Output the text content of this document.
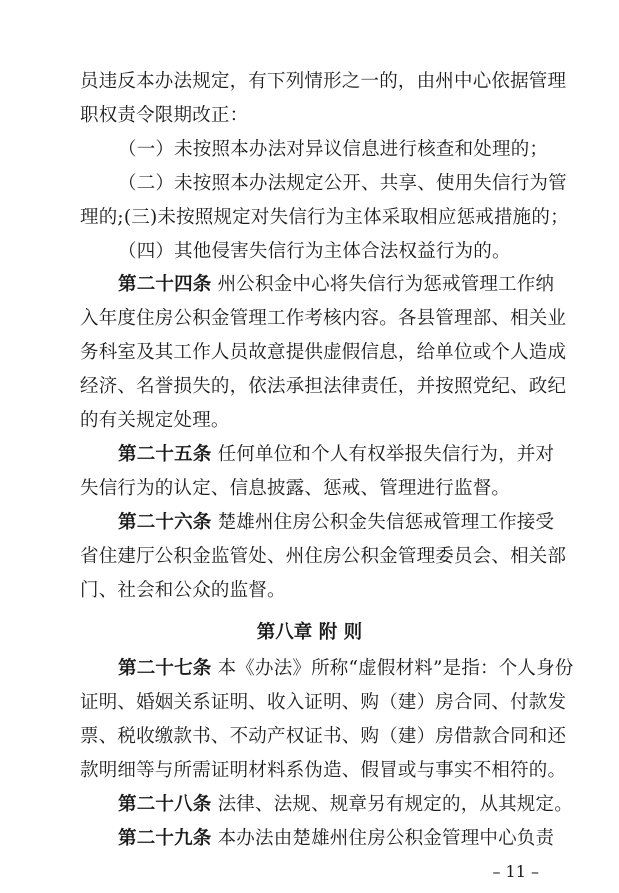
员违反本办法规定，有下列情形之一的，由州中心依据管理
职权责令限期改正：
（一）未按照本办法对异议信息进行核查和处理的；
（二）未按照本办法规定公开、共享、使用失信行为管
理的;(三)未按照规定对失信行为主体采取相应惩戒措施的；
（四）其他侵害失信行为主体合法权益行为的。
第二十四条 州公积金中心将失信行为惩戒管理工作纳
入年度住房公积金管理工作考核内容。各县管理部、相关业
务科室及其工作人员故意提供虚假信息，给单位或个人造成
经济、名誉损失的，依法承担法律责任，并按照党纪、政纪
的有关规定处理。
第二十五条 任何单位和个人有权举报失信行为，并对
失信行为的认定、信息披露、惩戒、管理进行监督。
第二十六条 楚雄州住房公积金失信惩戒管理工作接受
省住建厅公积金监管处、州住房公积金管理委员会、相关部
门、社会和公众的监督。
第八章 附 则
第二十七条 本《办法》所称“虚假材料”是指：个人身份
证明、婚姻关系证明、收入证明、购（建）房合同、付款发
票、税收缴款书、不动产权证书、购（建）房借款合同和还
款明细等与所需证明材料系伪造、假冒或与事实不相符的。
第二十八条 法律、法规、规章另有规定的，从其规定。
第二十九条 本办法由楚雄州住房公积金管理中心负责
– 11 –
